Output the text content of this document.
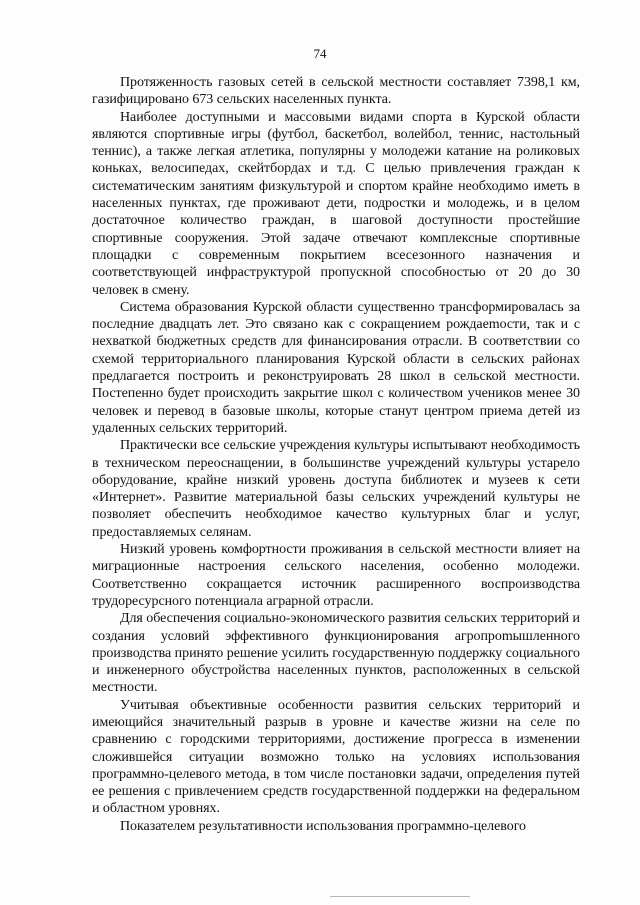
74

Протяженность газовых сетей в сельской местности составляет 7398,1 км, газифицировано 673 сельских населенных пункта.

Наиболее доступными и массовыми видами спорта в Курской области являются спортивные игры (футбол, баскетбол, волейбол, теннис, настольный теннис), а также легкая атлетика, популярны у молодежи катание на роликовых коньках, велосипедах, скейтбордах и т.д. С целью привлечения граждан к систематическим занятиям физкультурой и спортом крайне необходимо иметь в населенных пунктах, где проживают дети, подростки и молодежь, и в целом достаточное количество граждан, в шаговой доступности простейшие спортивные сооружения. Этой задаче отвечают комплексные спортивные площадки с современным покрытием всесезонного назначения и соответствующей инфраструктурой пропускной способностью от 20 до 30 человек в смену.

Система образования Курской области существенно трансформировалась за последние двадцать лет. Это связано как с сокращением рождаеmости, так и с нехваткой бюджетных средств для финансирования отрасли. В соответствии со схемой территориального планирования Курской области в сельских районах предлагается построить и реконструировать 28 школ в сельской местности. Постепенно будет происходить закрытие школ с количеством учеников менее 30 человек и перевод в базовые школы, которые станут центром приема детей из удаленных сельских территорий.

Практически все сельские учреждения культуры испытывают необходимость в техническом переоснащении, в большинстве учреждений культуры устарело оборудование, крайне низкий уровень доступа библиотек и музеев к сети «Интернет». Развитие материальной базы сельских учреждений культуры не позволяет обеспечить необходимое качество культурных благ и услуг, предоставляемых селянам.

Низкий уровень комфортности проживания в сельской местности влияет на миграционные настроения сельского населения, особенно молодежи. Соответственно сокращается источник расширенного воспроизводства трудоресурсного потенциала аграрной отрасли.

Для обеспечения социально-экономического развития сельских территорий и создания условий эффективного функционирования агропроmышленного производства принято решение усилить государственную поддержку социального и инженерного обустройства населенных пунктов, расположенных в сельской местности.

Учитывая объективные особенности развития сельских территорий и имеющийся значительный разрыв в уровне и качестве жизни на селе по сравнению с городскими территориями, достижение прогресса в изменении сложившейся ситуации возможно только на условиях использования программно-целевого метода, в том числе постановки задачи, определения путей ее решения с привлечением средств государственной поддержки на федеральном и областном уровнях.

Показателем результативности использования программно-целевого
